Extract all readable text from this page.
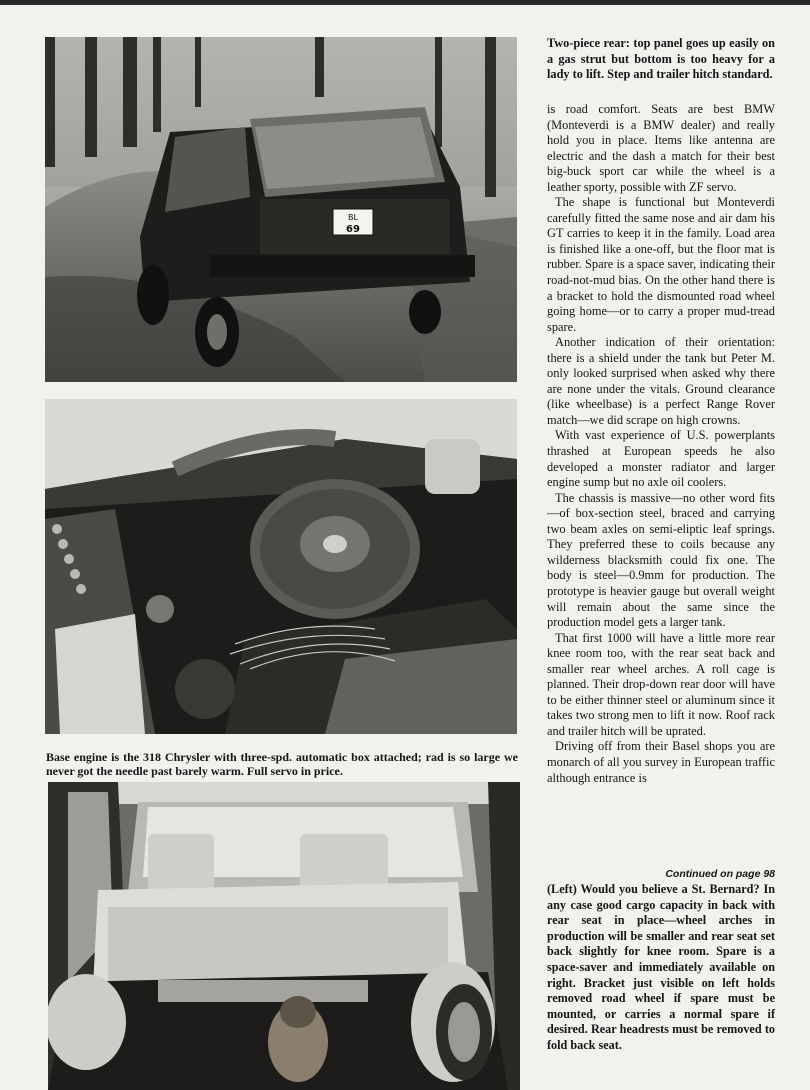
BL
69
Base engine is the 318 Chrysler with three-spd. automatic box attached; rad is so large we never got the needle past barely warm. Full servo in price.
Two-piece rear: top panel goes up easily on a gas strut but bottom is too heavy for a lady to lift. Step and trailer hitch standard.

is road comfort. Seats are best BMW (Monteverdi is a BMW dealer) and really hold you in place. Items like antenna are electric and the dash a match for their best big-buck sport car while the wheel is a leather sporty, possible with ZF servo.

The shape is functional but Monteverdi carefully fitted the same nose and air dam his GT carries to keep it in the family. Load area is finished like a one-off, but the floor mat is rubber. Spare is a space saver, indicating their road-not-mud bias. On the other hand there is a bracket to hold the dismounted road wheel going home—or to carry a proper mud-tread spare.

Another indication of their orientation: there is a shield under the tank but Peter M. only looked surprised when asked why there are none under the vitals. Ground clearance (like wheelbase) is a perfect Range Rover match—we did scrape on high crowns.

With vast experience of U.S. powerplants thrashed at European speeds he also developed a monster radiator and larger engine sump but no axle oil coolers.

The chassis is massive—no other word fits—of box-section steel, braced and carrying two beam axles on semi-eliptic leaf springs. They preferred these to coils because any wilderness blacksmith could fix one. The body is steel—0.9mm for production. The prototype is heavier gauge but overall weight will remain about the same since the production model gets a larger tank.

That first 1000 will have a little more rear knee room too, with the rear seat back and smaller rear wheel arches. A roll cage is planned. Their drop-down rear door will have to be either thinner steel or aluminum since it takes two strong men to lift it now. Roof rack and trailer hitch will be uprated.

Driving off from their Basel shops you are monarch of all you survey in European traffic although entrance is

Continued on page 98
(Left) Would you believe a St. Bernard? In any case good cargo capacity in back with rear seat in place—wheel arches in production will be smaller and rear seat set back slightly for knee room. Spare is a space-saver and immediately available on right. Bracket just visible on left holds removed road wheel if spare must be mounted, or carries a normal spare if desired. Rear headrests must be removed to fold back seat.
